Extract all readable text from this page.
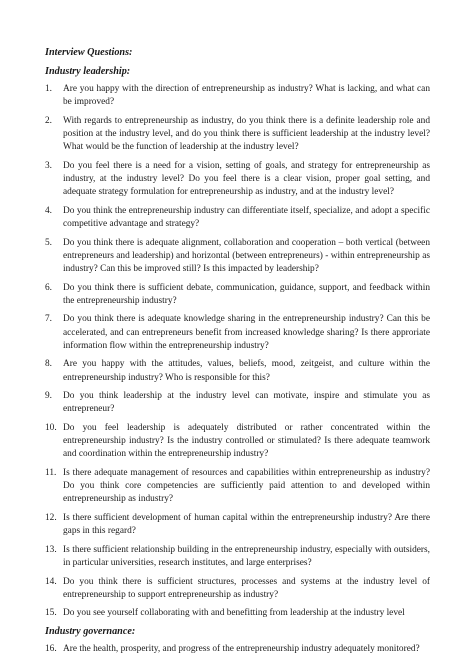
Interview Questions:
Industry leadership:
1.	Are you happy with the direction of entrepreneurship as industry? What is lacking, and what can be improved?
2.	With regards to entrepreneurship as industry, do you think there is a definite leadership role and position at the industry level, and do you think there is sufficient leadership at the industry level? What would be the function of leadership at the industry level?
3.	Do you feel there is a need for a vision, setting of goals, and strategy for entrepreneurship as industry, at the industry level? Do you feel there is a clear vision, proper goal setting, and adequate strategy formulation for entrepreneurship as industry, and at the industry level?
4.	Do you think the entrepreneurship industry can differentiate itself, specialize, and adopt a specific competitive advantage and strategy?
5.	Do you think there is adequate alignment, collaboration and cooperation – both vertical (between entrepreneurs and leadership) and horizontal (between entrepreneurs) - within entrepreneurship as industry? Can this be improved still? Is this impacted by leadership?
6.	Do you think there is sufficient debate, communication, guidance, support, and feedback within the entrepreneurship industry?
7.	Do you think there is adequate knowledge sharing in the entrepreneurship industry? Can this be accelerated, and can entrepreneurs benefit from increased knowledge sharing? Is there approriate information flow within the entrepreneurship industry?
8.	Are you happy with the attitudes, values, beliefs, mood, zeitgeist, and culture within the entrepreneurship industry? Who is responsible for this?
9.	Do you think leadership at the industry level can motivate, inspire and stimulate you as entrepreneur?
10. Do you feel leadership is adequately distributed or rather concentrated within the entrepreneurship industry? Is the industry controlled or stimulated? Is there adequate teamwork and coordination within the entrepreneurship industry?
11. Is there adequate management of resources and capabilities within entrepreneurship as industry? Do you think core competencies are sufficiently paid attention to and developed within entrepreneurship as industry?
12. Is there sufficient development of human capital within the entrepreneurship industry? Are there gaps in this regard?
13. Is there sufficient relationship building in the entrepreneurship industry, especially with outsiders, in particular universities, research institutes, and large enterprises?
14. Do you think there is sufficient structures, processes and systems at the industry level of entrepreneurship to support entrepreneurship as industry?
15. Do you see yourself collaborating with and benefitting from leadership at the industry level
Industry governance:
16. Are the health, prosperity, and progress of the entrepreneurship industry adequately monitored?
